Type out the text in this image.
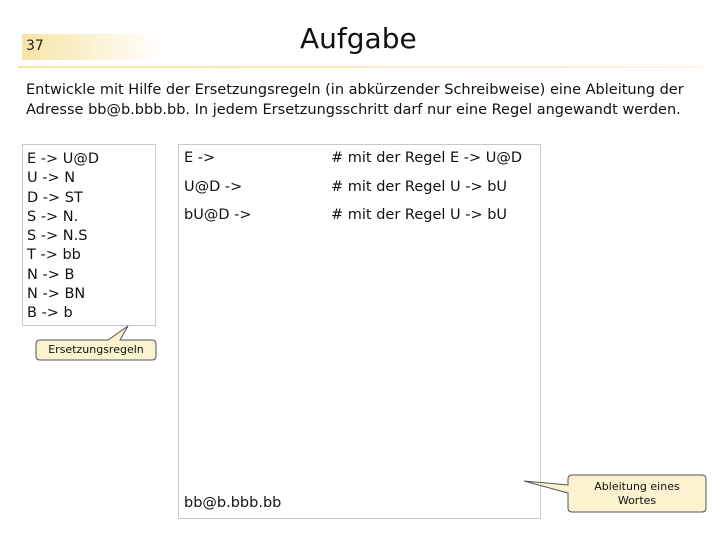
37	Aufgabe
Entwickle mit Hilfe der Ersetzungsregeln (in abkürzender Schreibweise) eine Ableitung der Adresse bb@b.bbb.bb. In jedem Ersetzungsschritt darf nur eine Regel angewandt werden.
E -> U@D
U -> N
D -> ST
S -> N.
S -> N.S
T -> bb
N -> B
N -> BN
B -> b
E ->	# mit der Regel E -> U@D
U@D ->	# mit der Regel U -> bU
bU@D ->	# mit der Regel U -> bU
bb@b.bbb.bb
Ersetzungsregeln
Ableitung eines
Wortes
